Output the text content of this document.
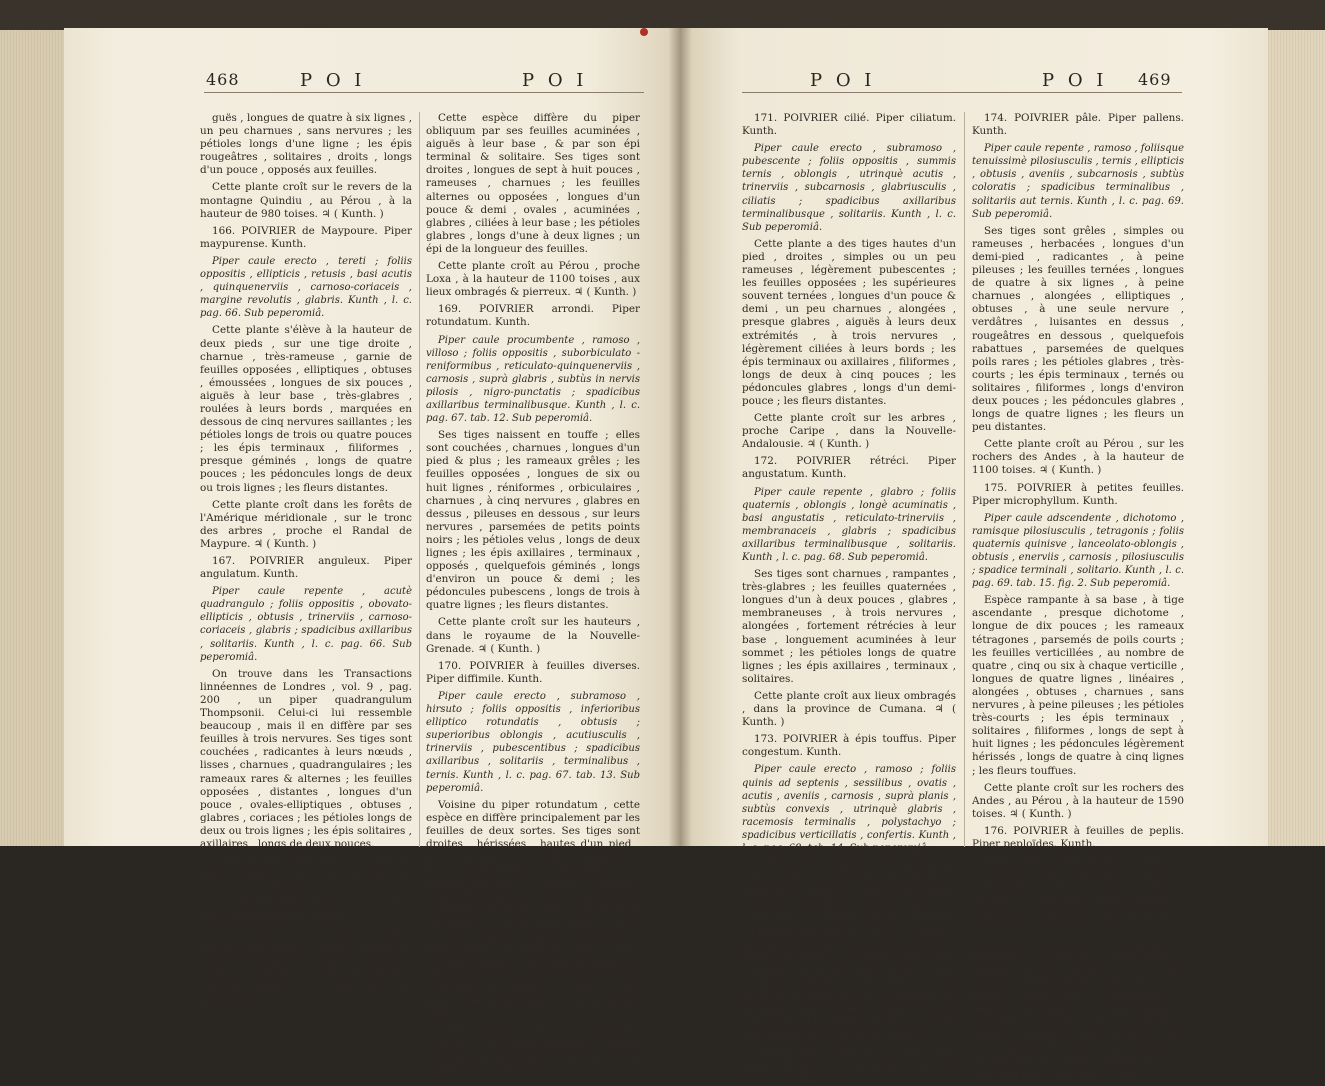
468	P O I	P O I

guës , longues de quatre à six lignes , un peu charnues , sans nervures ; les pétioles longs d'une ligne ; les épis rougeâtres , solitaires , droits , longs d'un pouce , opposés aux feuilles.

Cette plante croît sur le revers de la montagne Quindiu , au Pérou , à la hauteur de 980 toises. ♃ ( Kunth. )

166. POIVRIER de Maypoure. Piper maypurense. Kunth.

Piper caule erecto , tereti ; foliis oppositis , ellipticis , retusis , basi acutis , quinquenerviis , carnoso-coriaceis , margine revolutis , glabris. Kunth , l. c. pag. 66. Sub peperomiâ.

Cette plante s'élève à la hauteur de deux pieds , sur une tige droite , charnue , très-rameuse , garnie de feuilles opposées , elliptiques , obtuses , émoussées , longues de six pouces , aiguës à leur base , très-glabres , roulées à leurs bords , marquées en dessous de cinq nervures saillantes ; les pétioles longs de trois ou quatre pouces ; les épis terminaux , filiformes , presque géminés , longs de quatre pouces ; les pédoncules longs de deux ou trois lignes ; les fleurs distantes.

Cette plante croît dans les forêts de l'Amérique méridionale , sur le tronc des arbres , proche el Randal de Maypure. ♃ ( Kunth. )

167. POIVRIER anguleux. Piper angulatum. Kunth.

Piper caule repente , acutè quadrangulo ; foliis oppositis , obovato-ellipticis , obtusis , trinerviis , carnoso-coriaceis , glabris ; spadicibus axillaribus , solitariis. Kunth , l. c. pag. 66. Sub peperomiâ.

On trouve dans les Transactions linnéennes de Londres , vol. 9 , pag. 200 , un piper quadrangulum Thompsonii. Celui-ci lui ressemble beaucoup , mais il en diffère par ses feuilles à trois nervures. Ses tiges sont couchées , radicantes à leurs nœuds , lisses , charnues , quadrangulaires ; les rameaux rares & alternes ; les feuilles opposées , distantes , longues d'un pouce , ovales-elliptiques , obtuses , glabres , coriaces ; les pétioles longs de deux ou trois lignes ; les épis solitaires , axillaires , longs de deux pouces.

Cette plante croît sur les bords du fleuve Jagua , dans la province de Cumana. ♃ ( Kunth. )

168. POIVRIER à feuilles de baselle. Piper basellæfolium. Kunth.

Piper caule erecto , ramoso ; foliis alternis oppositisque , ovatis , acuminatis , basi acutis , obscurè venosis , carnosis , glabris , ciliatis ; spadice terminali , solitario. Kunth , l. c. pag. 66. Sub peperomiâ.

Cette espèce diffère du piper obliquum par ses feuilles acuminées , aiguës à leur base , & par son épi terminal & solitaire. Ses tiges sont droites , longues de sept à huit pouces , rameuses , charnues ; les feuilles alternes ou opposées , longues d'un pouce & demi , ovales , acuminées , glabres , ciliées à leur base ; les pétioles glabres , longs d'une à deux lignes ; un épi de la longueur des feuilles.

Cette plante croît au Pérou , proche Loxa , à la hauteur de 1100 toises , aux lieux ombragés & pierreux. ♃ ( Kunth. )

169. POIVRIER arrondi. Piper rotundatum. Kunth.

Piper caule procumbente , ramoso , villoso ; foliis oppositis , suborbiculato - reniformibus , reticulato-quinquenerviis , carnosis , suprà glabris , subtùs in nervis pilosis , nigro-punctatis ; spadicibus axillaribus terminalibusque. Kunth , l. c. pag. 67. tab. 12. Sub peperomiâ.

Ses tiges naissent en touffe ; elles sont couchées , charnues , longues d'un pied & plus ; les rameaux grêles ; les feuilles opposées , longues de six ou huit lignes , réniformes , orbiculaires , charnues , à cinq nervures , glabres en dessus , pileuses en dessous , sur leurs nervures , parsemées de petits points noirs ; les pétioles velus , longs de deux lignes ; les épis axillaires , terminaux , opposés , quelquefois géminés , longs d'environ un pouce & demi ; les pédoncules pubescens , longs de trois à quatre lignes ; les fleurs distantes.

Cette plante croît sur les hauteurs , dans le royaume de la Nouvelle-Grenade. ♃ ( Kunth. )

170. POIVRIER à feuilles diverses. Piper diffimile. Kunth.

Piper caule erecto , subramoso , hirsuto ; foliis oppositis , inferioribus elliptico rotundatis , obtusis ; superioribus oblongis , acutiusculis , trinerviis , pubescentibus ; spadicibus axillaribus , solitariis , terminalibus , ternis. Kunth , l. c. pag. 67. tab. 13. Sub peperomiâ.

Voisine du piper rotundatum , cette espèce en diffère principalement par les feuilles de deux sortes. Ses tiges sont droites , hérissées , hautes d'un pied , peu rameuses ; les feuilles opposées ; les inférieures arrondies , presqu'elliptiques , obtuses , longues d'un demi pouce ; les supérieures alongées , un peu aiguës à leurs deux extrémités , longues d'un pouce , à trois nervures , un peu charnues , pileuses ou pubescentes ; les pétioles velus , longs de deux lignes ; les épis terminaux , axillaires , ternés ou solitaires , longs d'environ un pouce & demi ; les pédoncules pubescens , longs de quatre lignes.

Cette plante croît à la Nouvelle-Grenade , aux lieux ombragés , proche la vallée de Juananbu , à la hauteur de 760 toises. ♃ ( Kunth. )

P O I	P O I 469

171. POIVRIER cilié. Piper ciliatum. Kunth.

Piper caule erecto , subramoso , pubescente ; foliis oppositis , summis ternis , oblongis , utrinquè acutis , trinerviis , subcarnosis , glabriusculis , ciliatis ; spadicibus axillaribus terminalibusque , solitariis. Kunth , l. c. Sub peperomiâ.

Cette plante a des tiges hautes d'un pied , droites , simples ou un peu rameuses , légèrement pubescentes ; les feuilles opposées ; les supérieures souvent ternées , longues d'un pouce & demi , un peu charnues , alongées , presque glabres , aiguës à leurs deux extrémités , à trois nervures , légèrement ciliées à leurs bords ; les épis terminaux ou axillaires , filiformes , longs de deux à cinq pouces ; les pédoncules glabres , longs d'un demi-pouce ; les fleurs distantes.

Cette plante croît sur les arbres , proche Caripe , dans la Nouvelle-Andalousie. ♃ ( Kunth. )

172. POIVRIER rétréci. Piper angustatum. Kunth.

Piper caule repente , glabro ; foliis quaternis , oblongis , longè acuminatis , basi angustatis , reticulato-trinerviis , membranaceis , glabris ; spadicibus axillaribus terminalibusque , solitariis. Kunth , l. c. pag. 68. Sub peperomiâ.

Ses tiges sont charnues , rampantes , très-glabres ; les feuilles quaternées , longues d'un à deux pouces , glabres , membraneuses , à trois nervures , alongées , fortement rétrécies à leur base , longuement acuminées à leur sommet ; les pétioles longs de quatre lignes ; les épis axillaires , terminaux , solitaires.

Cette plante croît aux lieux ombragés , dans la province de Cumana. ♃ ( Kunth. )

173. POIVRIER à épis touffus. Piper congestum. Kunth.

Piper caule erecto , ramoso ; foliis quinis ad septenis , sessilibus , ovatis , acutis , aveniis , carnosis , suprà planis , subtùs convexis , utrinquè glabris , racemosis terminalis , polystachyo ; spadicibus verticillatis , confertis. Kunth , l. c. pag. 68. tab. 14. Sub peperomiâ.

Cette espèce s'élève à la hauteur de deux pieds , sur une tige droite , rameuse , charnue , garnie de feuilles sessiles , verticillées , réunies cinq à six , ou sept à chaque nœud , longues d'environ deux pouces , ovales , aiguës , presque mucronées , sans nervures , planes en dessus , convexes en dessous , glabres à leurs deux faces ; une grappe terminale , verticillée , longue de deux ou trois pouces , composée de plusieurs épis sessiles , étalés , longs d'un pouce ; le pédoncule de la grappe long d'un pouce ; les fleurs touffues.

Cette plante croît sur le revers des Andes du Pérou , à la hauteur de 950 toises. ♃ ( Kunth. )

174. POIVRIER pâle. Piper pallens. Kunth.

Piper caule repente , ramoso , foliisque tenuissimè pilosiusculis , ternis , ellipticis , obtusis , aveniis , subcarnosis , subtùs coloratis ; spadicibus terminalibus , solitariis aut ternis. Kunth , l. c. pag. 69. Sub peperomiâ.

Ses tiges sont grêles , simples ou rameuses , herbacées , longues d'un demi-pied , radicantes , à peine pileuses ; les feuilles ternées , longues de quatre à six lignes , à peine charnues , alongées , elliptiques , obtuses , à une seule nervure , verdâtres , luisantes en dessus , rougeâtres en dessous , quelquefois rabattues , parsemées de quelques poils rares ; les pétioles glabres , très-courts ; les épis terminaux , ternés ou solitaires , filiformes , longs d'environ deux pouces ; les pédoncules glabres , longs de quatre lignes ; les fleurs un peu distantes.

Cette plante croît au Pérou , sur les rochers des Andes , à la hauteur de 1100 toises. ♃ ( Kunth. )

175. POIVRIER à petites feuilles. Piper microphyllum. Kunth.

Piper caule adscendente , dichotomo , ramisque pilosiusculis , tetragonis ; foliis quaternis quinisve , lanceolato-oblongis , obtusis , enerviis , carnosis , pilosiusculis ; spadice terminali , solitario. Kunth , l. c. pag. 69. tab. 15. fig. 2. Sub peperomiâ.

Espèce rampante à sa base , à tige ascendante , presque dichotome , longue de dix pouces ; les rameaux tétragones , parsemés de poils courts ; les feuilles verticillées , au nombre de quatre , cinq ou six à chaque verticille , longues de quatre lignes , linéaires , alongées , obtuses , charnues , sans nervures , à peine pileuses ; les pétioles très-courts ; les épis terminaux , solitaires , filiformes , longs de sept à huit lignes ; les pédoncules légèrement hérissés , longs de quatre à cinq lignes ; les fleurs touffues.

Cette plante croît sur les rochers des Andes , au Pérou , à la hauteur de 1590 toises. ♃ ( Kunth. )

176. POIVRIER à feuilles de peplis. Piper peploïdes. Kunth.

Piper caule procumbente , ramoso , tetragono ; foliis quaternis , obovato-subrotundis , obtusis , aveniis , carnosis , glabris , junioribus pubescentibus ; spadicibus axillaribus , solitariis. Kunth , l. c. pag. 69. Sub peperomiâ.

Ses tiges sont renversées , mais non rampantes , glabres , tétragones , longues de six pouces ; les jeunes rameaux légèrement pubescens ; les feuilles rapprochées , quaternées , longues de quatre à cinq lignes , arrondies , presqu'ovales , charnues , glabres , obtuses , sans nervures , un peu pubescentes dans leur jeunesse ; les pétioles très-courts , pubescens ; les épis solitaires , axillaires , cylin-
